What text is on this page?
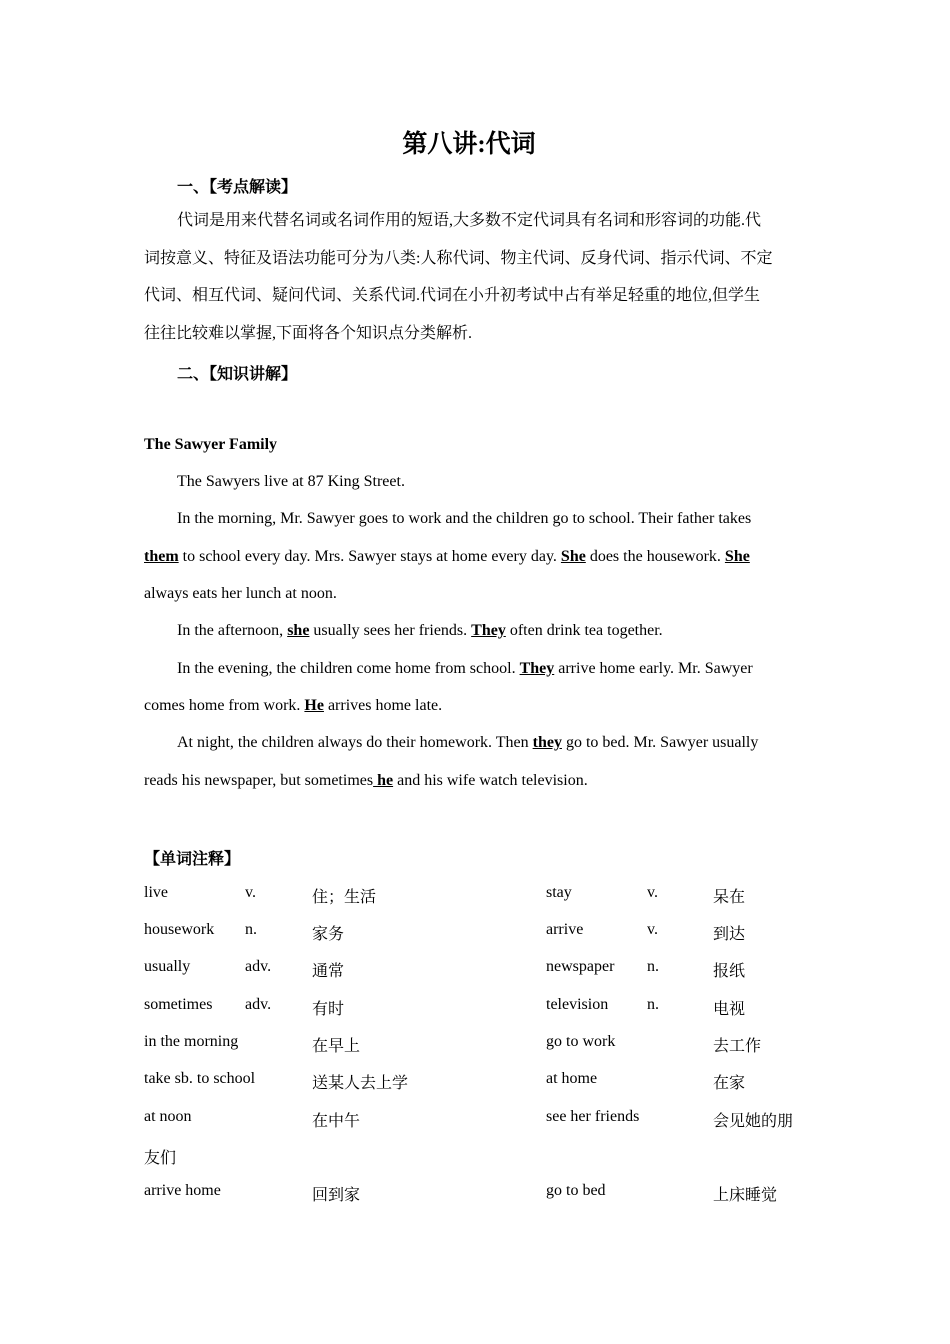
第八讲:代词
一、【考点解读】
代词是用来代替名词或名词作用的短语,大多数不定代词具有名词和形容词的功能.代
词按意义、特征及语法功能可分为八类:人称代词、物主代词、反身代词、指示代词、不定
代词、相互代词、疑问代词、关系代词.代词在小升初考试中占有举足轻重的地位,但学生
往往比较难以掌握,下面将各个知识点分类解析.
二、【知识讲解】
The Sawyer Family
The Sawyers live at 87 King Street.
In the morning, Mr. Sawyer goes to work and the children go to school. Their father takes
them to school every day. Mrs. Sawyer stays at home every day. She does the housework. She
always eats her lunch at noon.
In the afternoon, she usually sees her friends. They often drink tea together.
In the evening, the children come home from school. They arrive home early. Mr. Sawyer
comes home from work. He arrives home late.
At night, the children always do their homework. Then they go to bed. Mr. Sawyer usually
reads his newspaper, but sometimes he and his wife watch television.
【单词注释】
live	v.	住；生活	stay	v.	呆在
housework n.	家务	arrive	v.	到达
usually	adv.	通常	newspaper n.	报纸
sometimes adv.	有时	television n.	电视
in the morning	在早上	go to work	去工作
take sb. to school	送某人去上学	at home	在家
at noon	在中午	see her friends	会见她的朋
友们
arrive home	回到家	go to bed	上床睡觉
